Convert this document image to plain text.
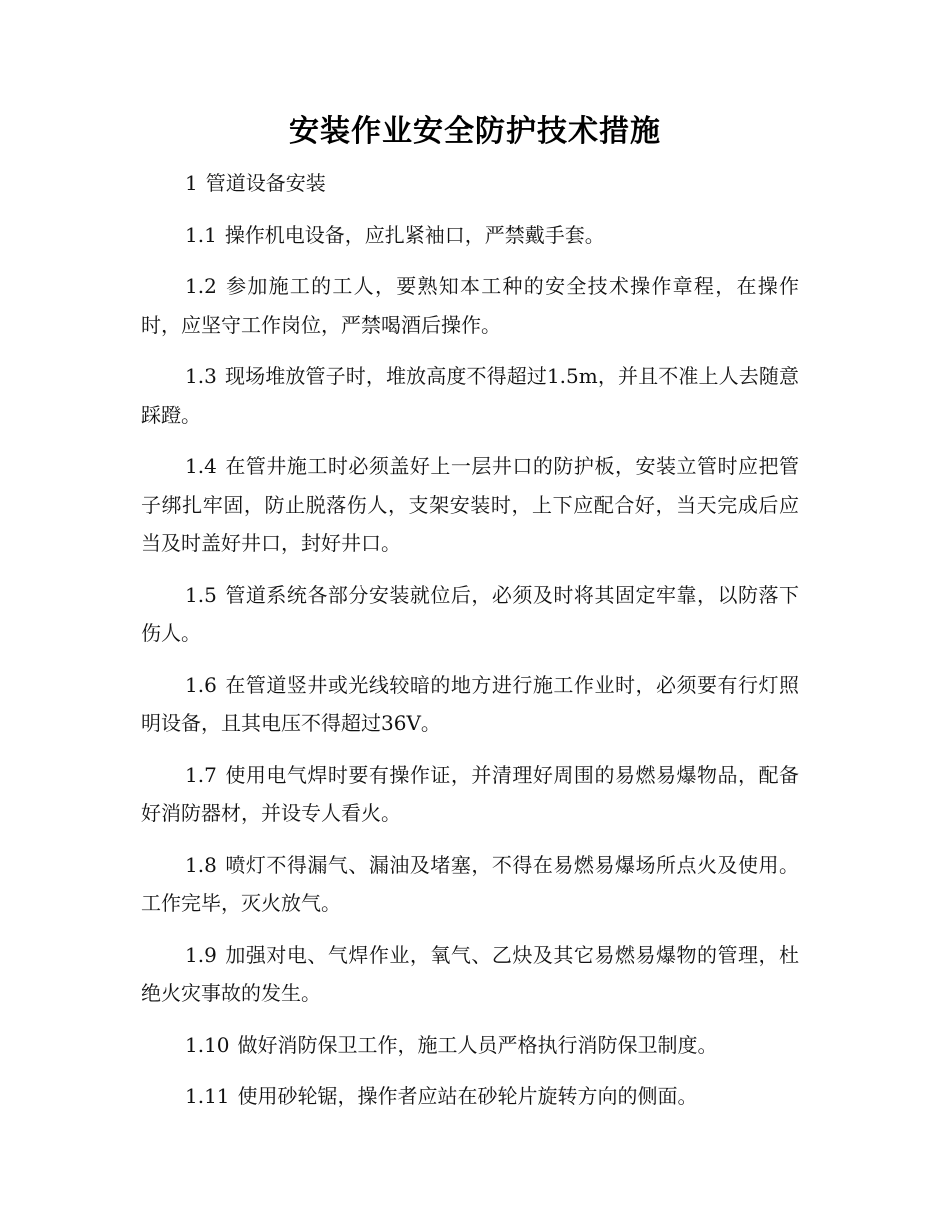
安装作业安全防护技术措施

1 管道设备安装

1.1 操作机电设备，应扎紧袖口，严禁戴手套。

1.2 参加施工的工人，要熟知本工种的安全技术操作章程，在操作时，应坚守工作岗位，严禁喝酒后操作。

1.3 现场堆放管子时，堆放高度不得超过1.5m，并且不准上人去随意踩蹬。

1.4 在管井施工时必须盖好上一层井口的防护板，安装立管时应把管子绑扎牢固，防止脱落伤人，支架安装时，上下应配合好，当天完成后应当及时盖好井口，封好井口。

1.5 管道系统各部分安装就位后，必须及时将其固定牢靠，以防落下伤人。

1.6 在管道竖井或光线较暗的地方进行施工作业时，必须要有行灯照明设备，且其电压不得超过36V。

1.7 使用电气焊时要有操作证，并清理好周围的易燃易爆物品，配备好消防器材，并设专人看火。

1.8 喷灯不得漏气、漏油及堵塞，不得在易燃易爆场所点火及使用。工作完毕，灭火放气。

1.9 加强对电、气焊作业，氧气、乙炔及其它易燃易爆物的管理，杜绝火灾事故的发生。

1.10 做好消防保卫工作，施工人员严格执行消防保卫制度。

1.11 使用砂轮锯，操作者应站在砂轮片旋转方向的侧面。
